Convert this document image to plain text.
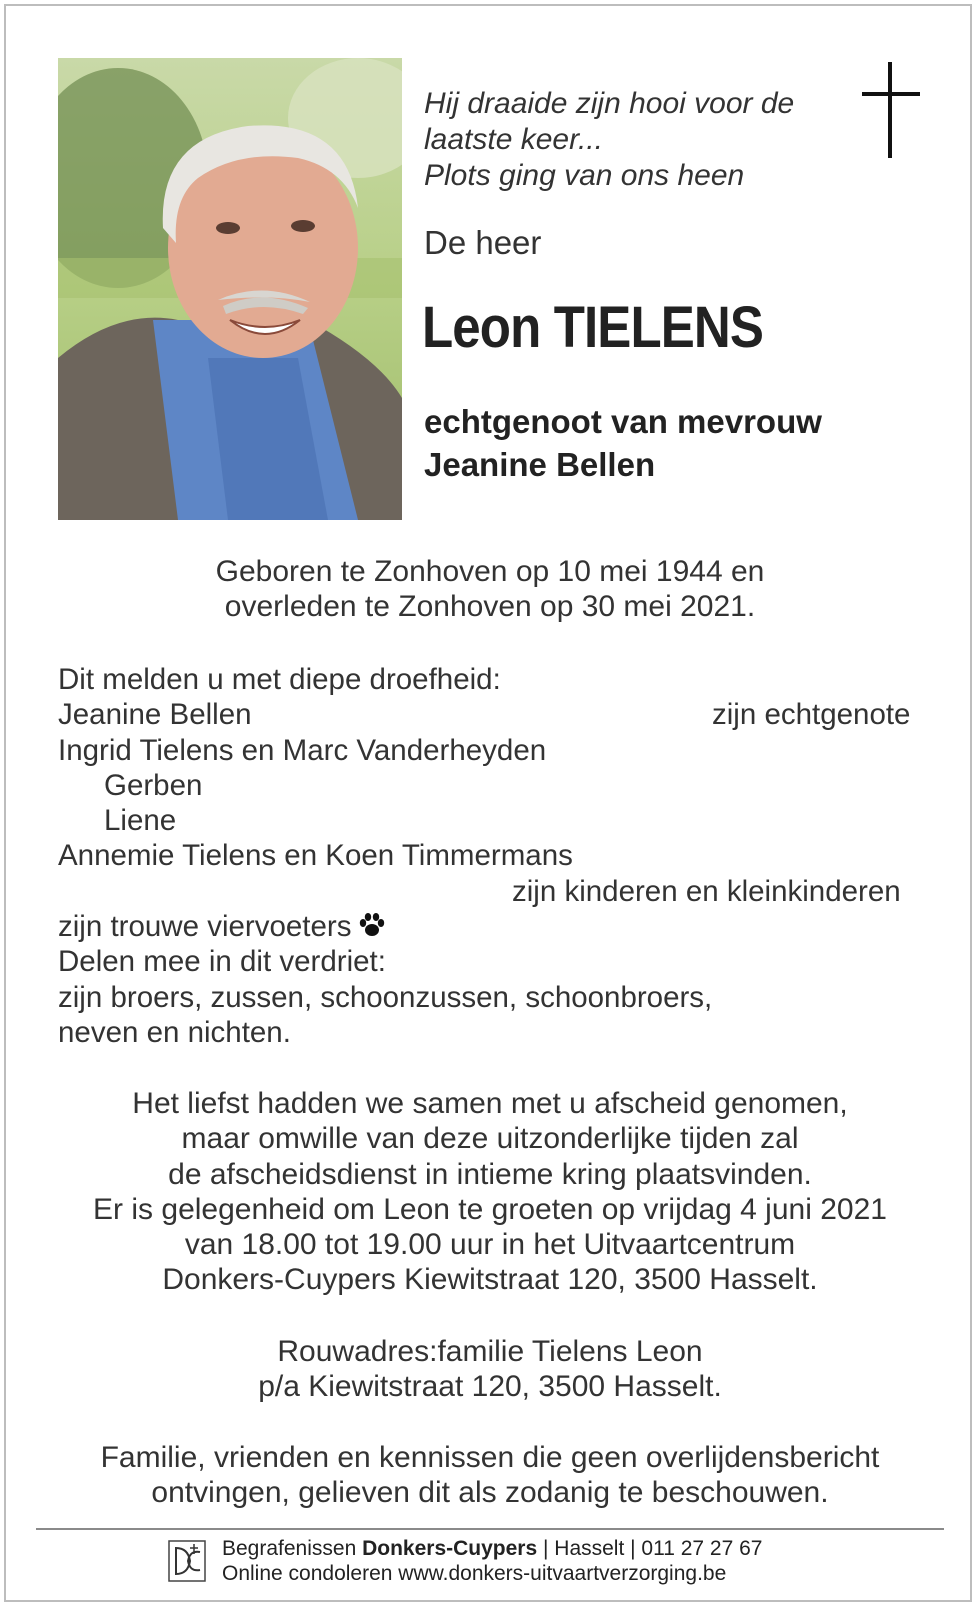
Hij draaide zijn hooi voor de
laatste keer...
Plots ging van ons heen
De heer
Leon TIELENS
echtgenoot van mevrouw
Jeanine Bellen
Geboren te Zonhoven op 10 mei 1944 en
overleden te Zonhoven op 30 mei 2021.
Dit melden u met diepe droefheid:
Jeanine Bellen	zijn echtgenote
Ingrid Tielens en Marc Vanderheyden
Gerben
Liene
Annemie Tielens en Koen Timmermans
zijn kinderen en kleinkinderen
zijn trouwe viervoeters
Delen mee in dit verdriet:
zijn broers, zussen, schoonzussen, schoonbroers,
neven en nichten.
Het liefst hadden we samen met u afscheid genomen,
maar omwille van deze uitzonderlijke tijden zal
de afscheidsdienst in intieme kring plaatsvinden.
Er is gelegenheid om Leon te groeten op vrijdag 4 juni 2021
van 18.00 tot 19.00 uur in het Uitvaartcentrum
Donkers-Cuypers Kiewitstraat 120, 3500 Hasselt.
Rouwadres:familie Tielens Leon
p/a Kiewitstraat 120, 3500 Hasselt.
Familie, vrienden en kennissen die geen overlijdensbericht
ontvingen, gelieven dit als zodanig te beschouwen.
Begrafenissen Donkers-Cuypers | Hasselt | 011 27 27 67
Online condoleren www.donkers-uitvaartverzorging.be
